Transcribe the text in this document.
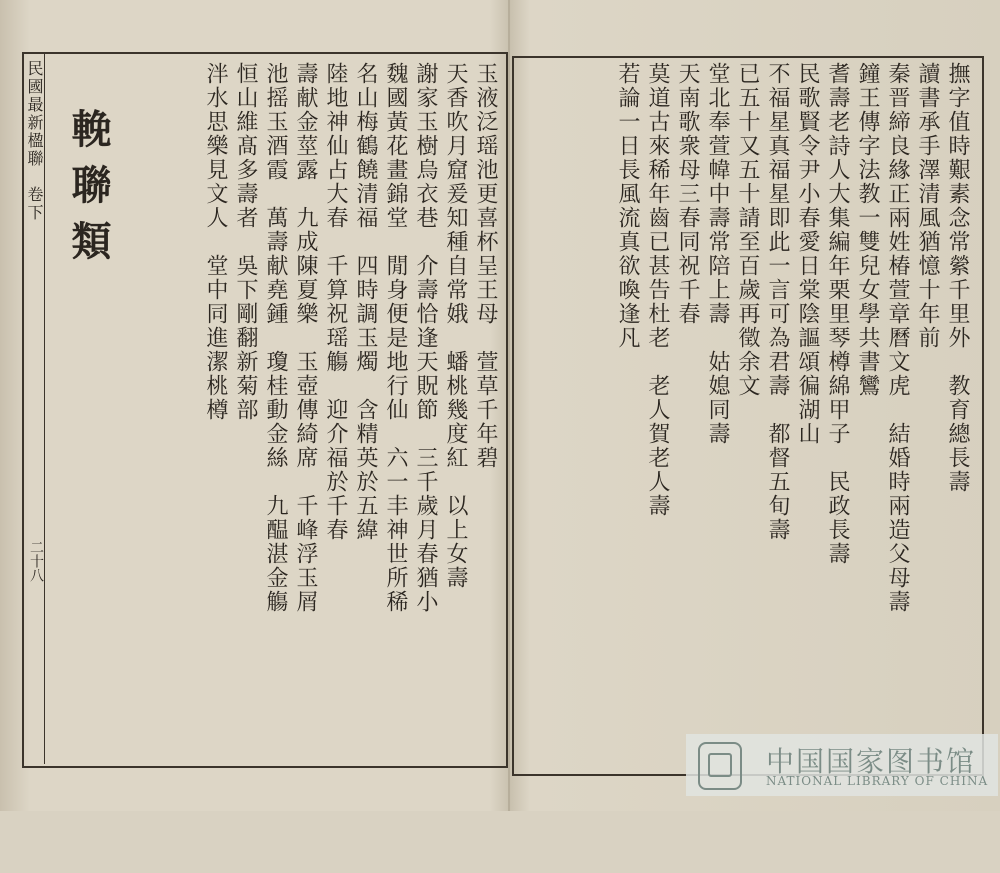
民國最新楹聯　卷下
二十八
輓聯類	玉液泛瑶池更喜杯呈王母　萱草千年碧

天香吹月窟爰知種自常娥　蟠桃幾度紅　以上女壽

謝家玉樹烏衣巷　介壽恰逢天貺節　三千歲月春猶小

魏國黃花畫錦堂　閒身便是地行仙　六一丰神世所稀

名山梅鶴饒清福　四時調玉燭　含精英於五緯

陸地神仙占大春　千算祝瑶觴　迎介福於千春

壽献金莖露　九成陳夏樂　玉壺傳綺席　千峰浮玉屑

池摇玉酒霞　萬壽献堯鍾　瓊桂動金絲　九醖湛金觴

恒山維髙多壽者　吳下剛翻新菊部

泮水思樂見文人　堂中同進潔桃樽	撫字值時艱素念常縈千里外　教育總長壽

讀書承手澤清風猶憶十年前

秦晋締良緣正兩姓椿萱章曆文虎　結婚時兩造父母壽

鐘王傳字法教一雙兒女學共書鸞

耆壽老詩人大集編年栗里琴樽綿甲子　民政長壽

民歌賢令尹小春愛日棠陰謳頌徧湖山

不福星真福星即此一言可為君壽　都督五旬壽

已五十又五十請至百歲再徵余文

堂北奉萱幃中壽常陪上壽　姑媳同壽

天南歌衆母三春同祝千春

莫道古來稀年齒已甚告杜老　老人賀老人壽

若論一日長風流真欲喚逢凡

中国国家图书馆
NATIONAL LIBRARY OF CHINA
